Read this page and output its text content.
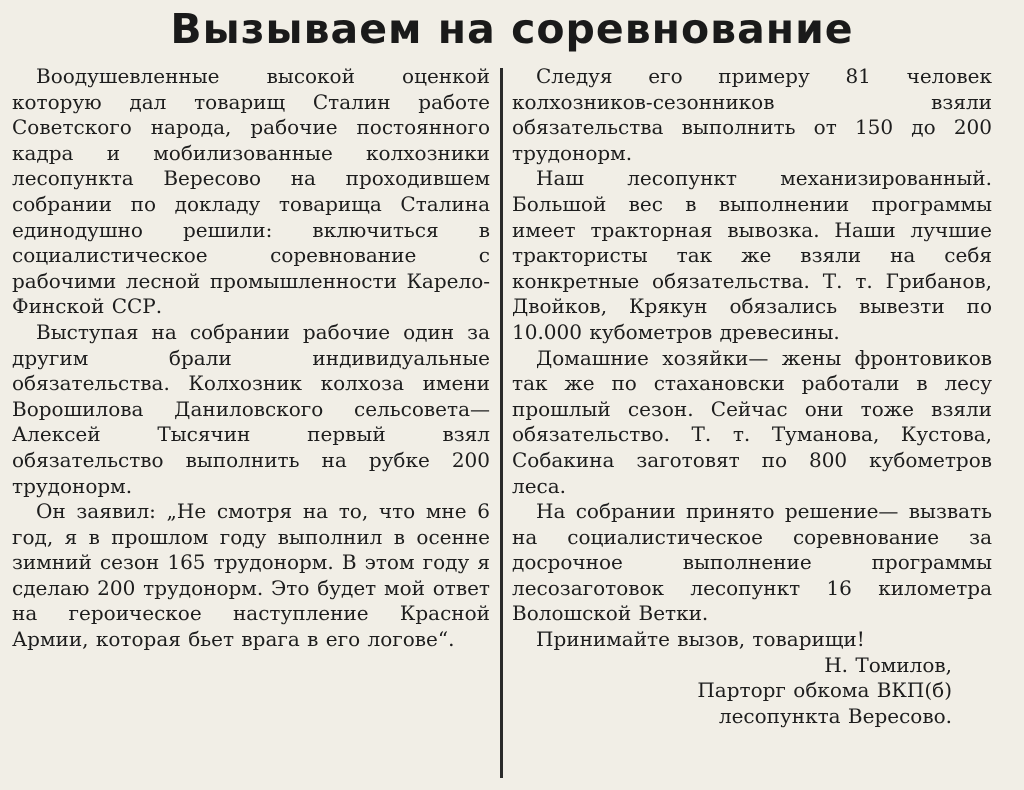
Вызываем на соревнование

Воодушевленные высокой оценкой которую дал товарищ Сталин работе Советского народа, рабочие постоянного кадра и мобилизованные колхозники лесопункта Вересово на проходившем собрании по докладу товарища Сталина единодушно решили: включиться в социалистическое соревнование с рабочими лесной промышленности Карело-Финской ССР.

Выступая на собрании рабочие один за другим брали индивидуальные обязательства. Колхозник колхоза имени Ворошилова Даниловского сельсовета— Алексей Тысячин первый взял обязательство выполнить на рубке 200 трудонорм.

Он заявил: „Не смотря на то, что мне 6 год, я в прошлом году выполнил в осенне зимний сезон 165 трудонорм. В этом году я сделаю 200 трудонорм. Это будет мой ответ на героическое наступление Красной Армии, которая бьет врага в его логове“.

Следуя его примеру 81 человек колхозников-сезонников взяли обязательства выполнить от 150 до 200 трудонорм.

Наш лесопункт механизированный. Большой вес в выполнении программы имеет тракторная вывозка. Наши лучшие трактористы так же взяли на себя конкретные обязательства. Т. т. Грибанов, Двойков, Крякун обязались вывезти по 10.000 кубометров древесины.

Домашние хозяйки— жены фронтовиков так же по стахановски работали в лесу прошлый сезон. Сейчас они тоже взяли обязательство. Т. т. Туманова, Кустова, Собакина заготовят по 800 кубометров леса.

На собрании принято решение— вызвать на социалистическое соревнование за досрочное выполнение программы лесозаготовок лесопункт 16 километра Волошской Ветки.

Принимайте вызов, товарищи!

Н. Томилов,

Парторг обкома ВКП(б)

лесопункта Вересово.
